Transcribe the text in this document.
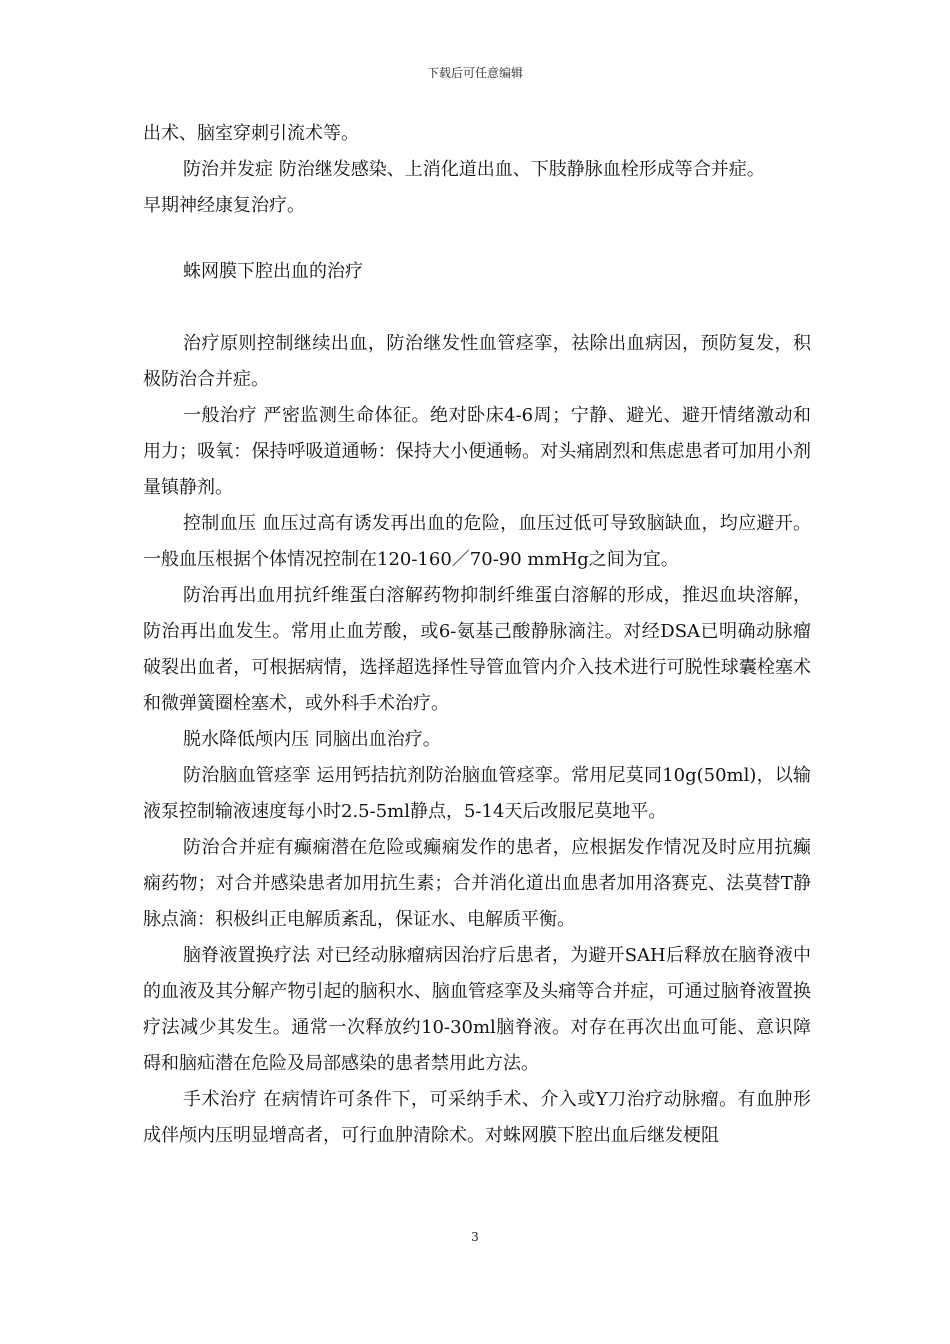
下载后可任意编辑

出术、脑室穿刺引流术等。

防治并发症 防治继发感染、上消化道出血、下肢静脉血栓形成等合并症。

早期神经康复治疗。

蛛网膜下腔出血的治疗

治疗原则控制继续出血，防治继发性血管痉挛，祛除出血病因，预防复发，积极防治合并症。

一般治疗 严密监测生命体征。绝对卧床4-6周；宁静、避光、避开情绪激动和用力；吸氧：保持呼吸道通畅：保持大小便通畅。对头痛剧烈和焦虑患者可加用小剂量镇静剂。

控制血压 血压过高有诱发再出血的危险，血压过低可导致脑缺血，均应避开。一般血压根据个体情况控制在120-160／70-90 mmHg之间为宜。

防治再出血用抗纤维蛋白溶解药物抑制纤维蛋白溶解的形成，推迟血块溶解，防治再出血发生。常用止血芳酸，或6-氨基己酸静脉滴注。对经DSA已明确动脉瘤破裂出血者，可根据病情，选择超选择性导管血管内介入技术进行可脱性球囊栓塞术和微弹簧圈栓塞术，或外科手术治疗。

脱水降低颅内压 同脑出血治疗。

防治脑血管痉挛 运用钙拮抗剂防治脑血管痉挛。常用尼莫同10g(50ml)，以输液泵控制输液速度每小时2.5-5ml静点，5-14天后改服尼莫地平。

防治合并症有癫痫潜在危险或癫痫发作的患者，应根据发作情况及时应用抗癫痫药物；对合并感染患者加用抗生素；合并消化道出血患者加用洛赛克、法莫替T静脉点滴：积极纠正电解质紊乱，保证水、电解质平衡。

脑脊液置换疗法 对已经动脉瘤病因治疗后患者，为避开SAH后释放在脑脊液中的血液及其分解产物引起的脑积水、脑血管痉挛及头痛等合并症，可通过脑脊液置换疗法减少其发生。通常一次释放约10-30ml脑脊液。对存在再次出血可能、意识障碍和脑疝潜在危险及局部感染的患者禁用此方法。

手术治疗 在病情许可条件下，可采纳手术、介入或Y刀治疗动脉瘤。有血肿形成伴颅内压明显增高者，可行血肿清除术。对蛛网膜下腔出血后继发梗阻

3
